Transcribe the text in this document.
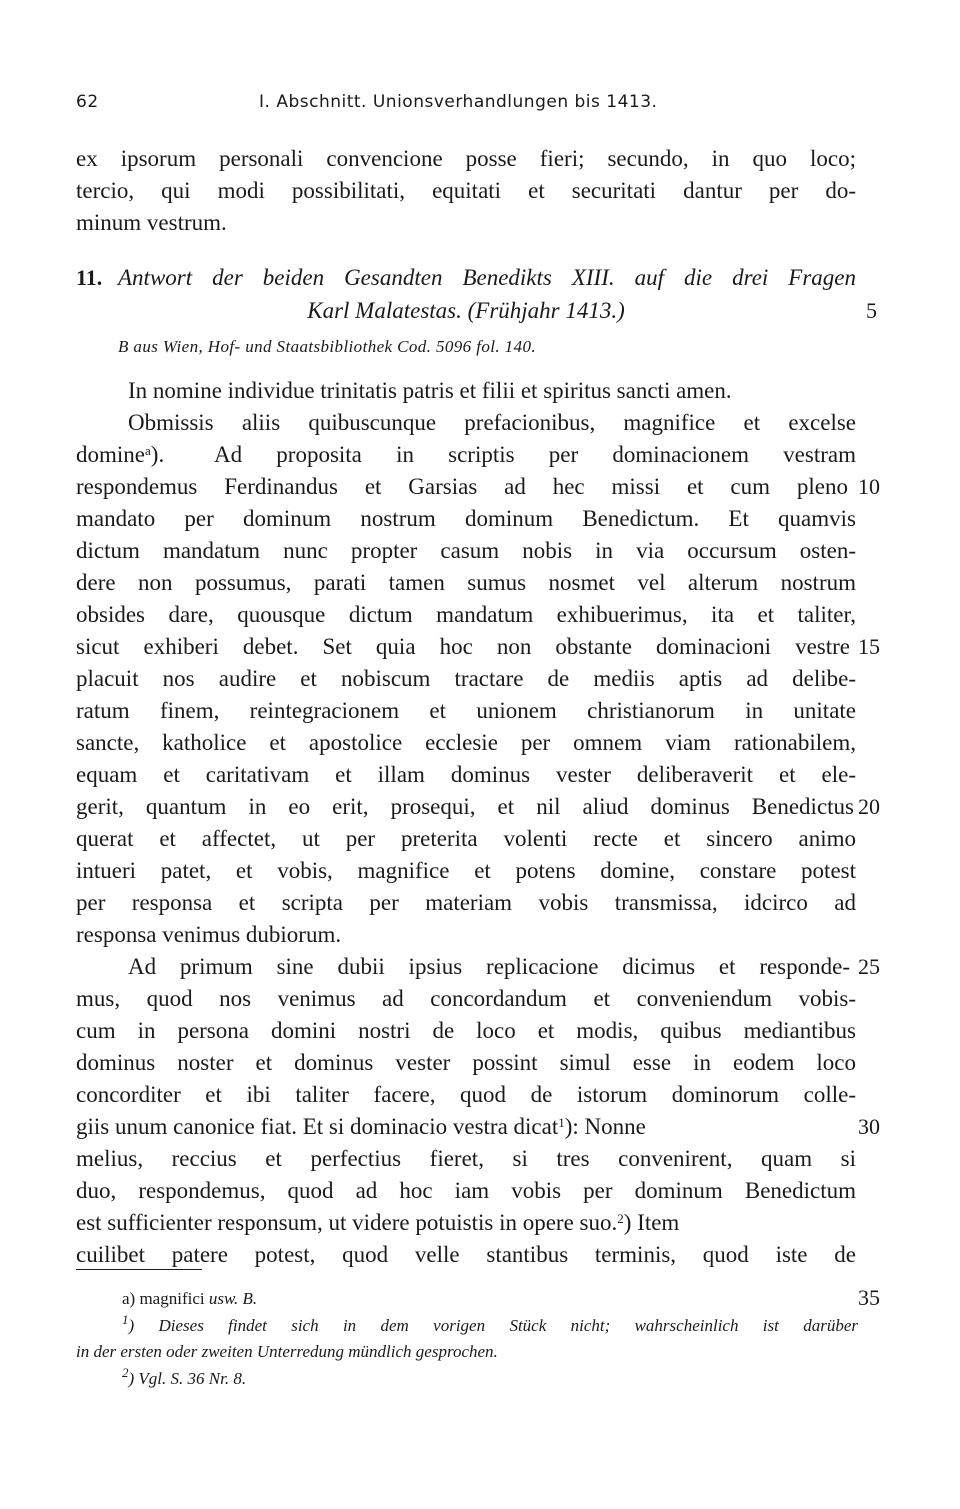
62	I. Abschnitt. Unionsverhandlungen bis 1413.
ex ipsorum personali convencione posse fieri; secundo, in quo loco;
tercio, qui modi possibilitati, equitati et securitati dantur per do-
minum vestrum.
11. Antwort der beiden Gesandten Benedikts XIII. auf die drei Fragen
Karl Malatestas. (Frühjahr 1413.)
B aus Wien, Hof- und Staatsbibliothek Cod. 5096 fol. 140.
In nomine individue trinitatis patris et filii et spiritus sancti amen.
Obmissis aliis quibuscunque prefacionibus, magnifice et excelse
domine$^a$).	Ad proposita in scriptis per dominacionem vestram
respondemus Ferdinandus et Garsias ad hec missi et cum pleno
mandato per dominum nostrum dominum Benedictum. Et quamvis
dictum mandatum nunc propter casum nobis in via occursum osten-
dere non possumus, parati tamen sumus nosmet vel alterum nostrum
obsides dare, quousque dictum mandatum exhibuerimus, ita et taliter,
sicut exhiberi debet. Set quia hoc non obstante dominacioni vestre
placuit nos audire et nobiscum tractare de mediis aptis ad delibe-
ratum finem, reintegracionem et unionem christianorum in unitate
sancte, katholice et apostolice ecclesie per omnem viam rationabilem,
equam et caritativam et illam dominus vester deliberaverit et ele-
gerit, quantum in eo erit, prosequi, et nil aliud dominus Benedictus
querat et affectet, ut per preterita volenti recte et sincero animo
intueri patet, et vobis, magnifice et potens domine, constare potest
per responsa et scripta per materiam vobis transmissa, idcirco ad
responsa venimus dubiorum.
Ad primum sine dubii ipsius replicacione dicimus et responde-
mus, quod nos venimus ad concordandum et conveniendum vobis-
cum in persona domini nostri de loco et modis, quibus mediantibus
dominus noster et dominus vester possint simul esse in eodem loco
concorditer et ibi taliter facere, quod de istorum dominorum colle-
giis unum canonice fiat. Et si dominacio vestra dicat$^1$): Nonne
melius, reccius et perfectius fieret, si tres convenirent, quam si
duo, respondemus, quod ad hoc iam vobis per dominum Benedictum
est sufficienter responsum, ut videre potuistis in opere suo.$^2$) Item
cuilibet patere potest, quod velle stantibus terminis, quod iste de
5
10
15
20
25
30
35
a) magnifici usw. B.
$^1$) Dieses findet sich in dem vorigen Stück nicht; wahrscheinlich ist darüber
in der ersten oder zweiten Unterredung mündlich gesprochen.
$^2$) Vgl. S. 36 Nr. 8.
